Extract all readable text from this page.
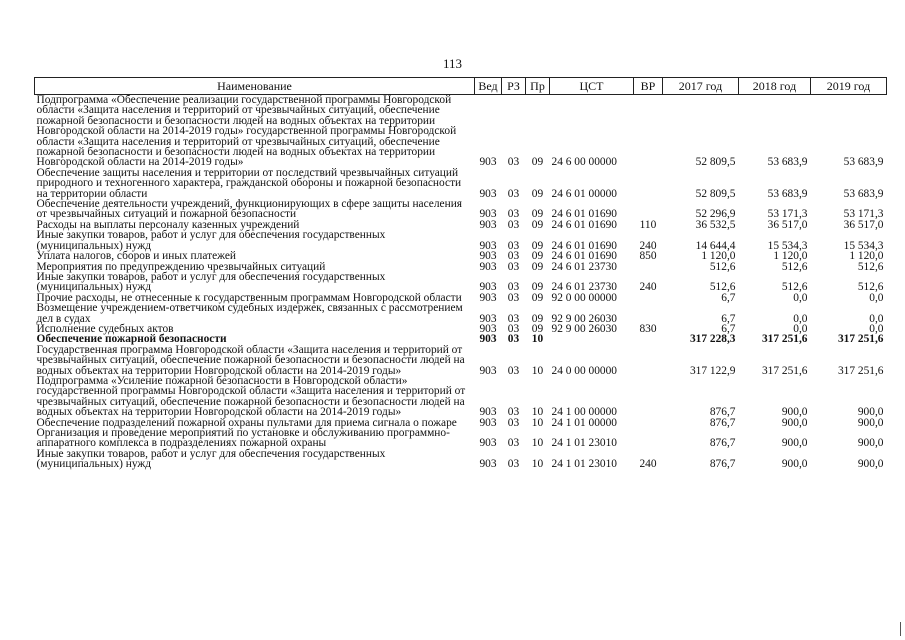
113
Наименование	Вед	РЗ	Пр	ЦСТ	ВР	2017 год	2018 год	2019 год
Подпрограмма «Обеспечение реализации государственной программы Новгородской области «Защита населения и территорий от чрезвычайных ситуаций, обеспечение пожарной безопасности и безопасности людей на водных объектах на территории Новгородской области на 2014-2019 годы» государственной программы Новгородской области «Защита населения и территорий от чрезвычайных ситуаций, обеспечение пожарной безопасности и безопасности людей на водных объектах на территории Новгородской области на 2014-2019 годы»	903	03	09	24 6 00 00000		52 809,5	53 683,9	53 683,9
Обеспечение защиты населения и территории от последствий чрезвычайных ситуаций природного и техногенного характера, гражданской обороны и пожарной безопасности на территории области	903	03	09	24 6 01 00000		52 809,5	53 683,9	53 683,9
Обеспечение деятельности учреждений, функционирующих в сфере защиты населения от чрезвычайных ситуаций и пожарной безопасности	903	03	09	24 6 01 01690		52 296,9	53 171,3	53 171,3
Расходы на выплаты персоналу казенных учреждений	903	03	09	24 6 01 01690	110	36 532,5	36 517,0	36 517,0
Иные закупки товаров, работ и услуг для обеспечения государственных (муниципальных) нужд	903	03	09	24 6 01 01690	240	14 644,4	15 534,3	15 534,3
Уплата налогов, сборов и иных платежей	903	03	09	24 6 01 01690	850	1 120,0	1 120,0	1 120,0
Мероприятия по предупреждению чрезвычайных ситуаций	903	03	09	24 6 01 23730		512,6	512,6	512,6
Иные закупки товаров, работ и услуг для обеспечения государственных (муниципальных) нужд	903	03	09	24 6 01 23730	240	512,6	512,6	512,6
Прочие расходы, не отнесенные к государственным программам Новгородской области	903	03	09	92 0 00 00000		6,7	0,0	0,0
Возмещение учреждением-ответчиком судебных издержек, связанных с рассмотрением дел в судах	903	03	09	92 9 00 26030		6,7	0,0	0,0
Исполнение судебных актов	903	03	09	92 9 00 26030	830	6,7	0,0	0,0
Обеспечение пожарной безопасности	903	03	10			317 228,3	317 251,6	317 251,6
Государственная программа Новгородской области «Защита населения и территорий от чрезвычайных ситуаций, обеспечение пожарной безопасности и безопасности людей на водных объектах на территории Новгородской области на 2014-2019 годы»	903	03	10	24 0 00 00000		317 122,9	317 251,6	317 251,6
Подпрограмма «Усиление пожарной безопасности в Новгородской области» государственной программы Новгородской области «Защита населения и территорий от чрезвычайных ситуаций, обеспечение пожарной безопасности и безопасности людей на водных объектах на территории Новгородской области на 2014-2019 годы»	903	03	10	24 1 00 00000		876,7	900,0	900,0
Обеспечение подразделений пожарной охраны пультами для приема сигнала о пожаре	903	03	10	24 1 01 00000		876,7	900,0	900,0
Организация и проведение мероприятий по установке и обслуживанию программно-аппаратного комплекса в подразделениях пожарной охраны	903	03	10	24 1 01 23010		876,7	900,0	900,0
Иные закупки товаров, работ и услуг для обеспечения государственных (муниципальных) нужд	903	03	10	24 1 01 23010	240	876,7	900,0	900,0
